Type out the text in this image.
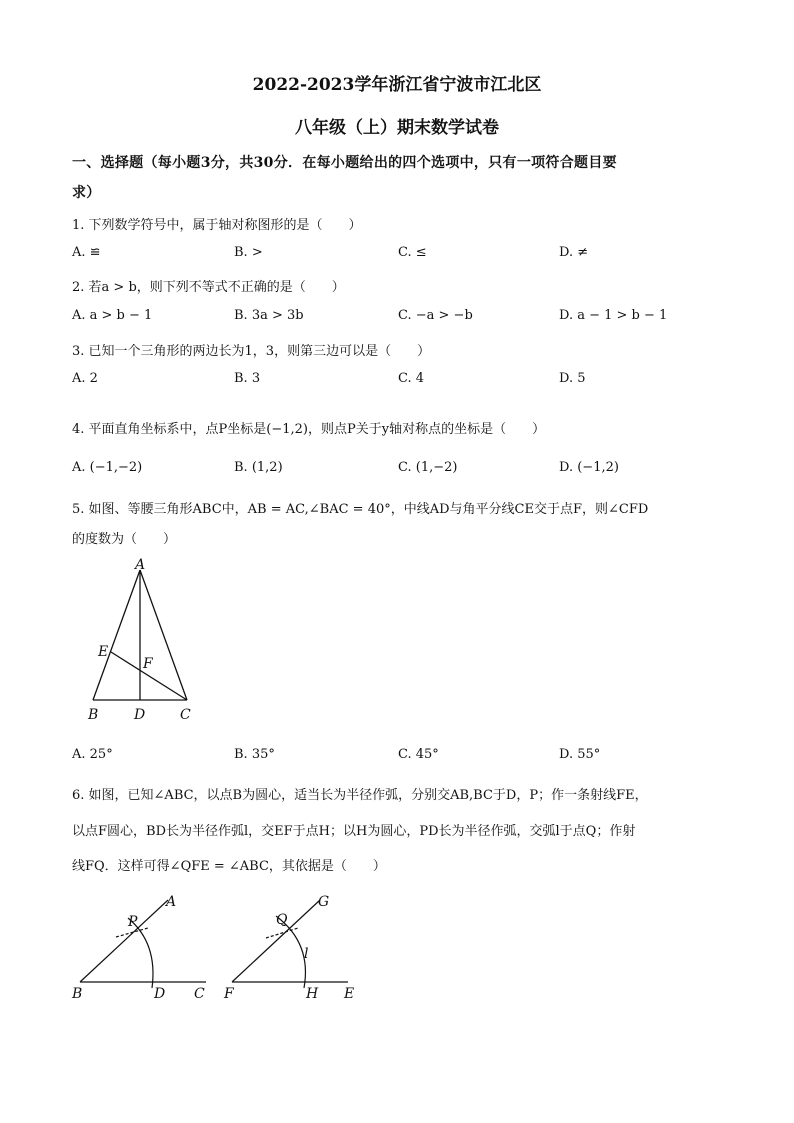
2022-2023学年浙江省宁波市江北区
八年级（上）期末数学试卷
一、选择题（每小题3分，共30分．在每小题给出的四个选项中，只有一项符合题目要
求）
1. 下列数学符号中，属于轴对称图形的是（　　）
A. ≌	B. >	C. ≤	D. ≠
2. 若a > b，则下列不等式不正确的是（　　）
A. a > b − 1	B. 3a > 3b	C. −a > −b	D. a − 1 > b − 1
3. 已知一个三角形的两边长为1，3，则第三边可以是（　　）
A. 2	B. 3	C. 4	D. 5
4. 平面直角坐标系中，点P坐标是(−1,2)，则点P关于y轴对称点的坐标是（　　）
A. (−1,−2)	B. (1,2)	C. (1,−2)	D. (−1,2)
5. 如图、等腰三角形ABC中，AB = AC,∠BAC = 40°，中线AD与角平分线CE交于点F，则∠CFD
的度数为（　　）
A
E
F
B	D C
A. 25°	B. 35°	C. 45°	D. 55°
6. 如图，已知∠ABC，以点B为圆心，适当长为半径作弧，分别交AB,BC于D，P；作一条射线FE，
以点F圆心，BD长为半径作弧l，交EF于点H；以H为圆心，PD长为半径作弧，交弧l于点Q；作射
线FQ．这样可得∠QFE = ∠ABC，其依据是（　　）
A
P
B	D C
G
Q
l
F	H E
